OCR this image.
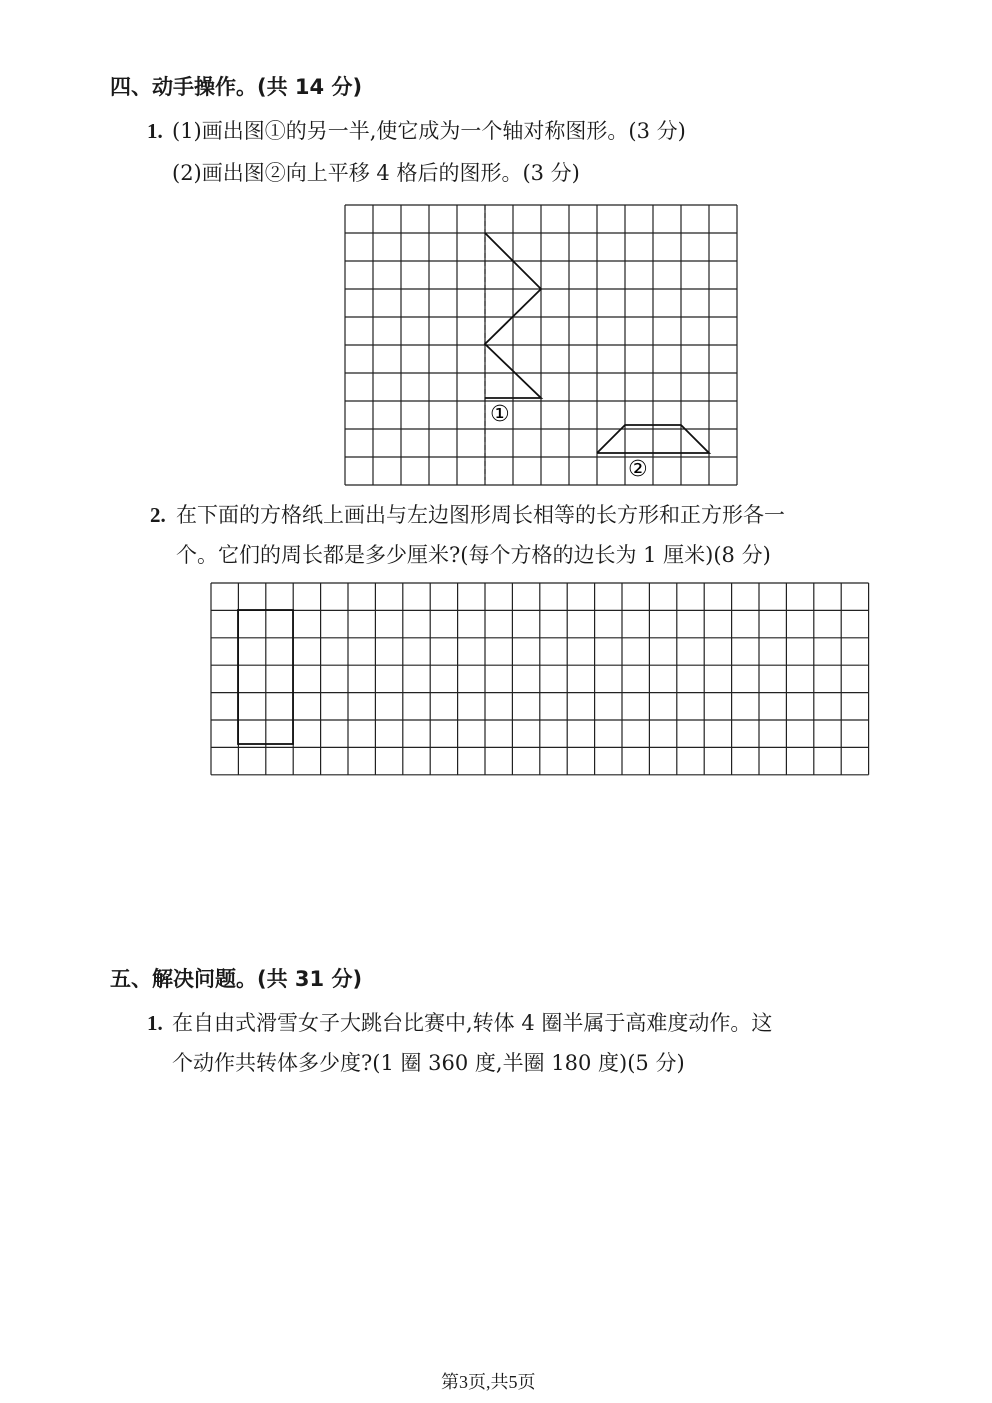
四、动手操作。(共 14 分)
1. (1)画出图①的另一半,使它成为一个轴对称图形。(3 分)
(2)画出图②向上平移 4 格后的图形。(3 分)
①
②
2. 在下面的方格纸上画出与左边图形周长相等的长方形和正方形各一
个。它们的周长都是多少厘米?(每个方格的边长为 1 厘米)(8 分)
五、解决问题。(共 31 分)
1. 在自由式滑雪女子大跳台比赛中,转体 4 圈半属于高难度动作。这
个动作共转体多少度?(1 圈 360 度,半圈 180 度)(5 分)
第3页,共5页
